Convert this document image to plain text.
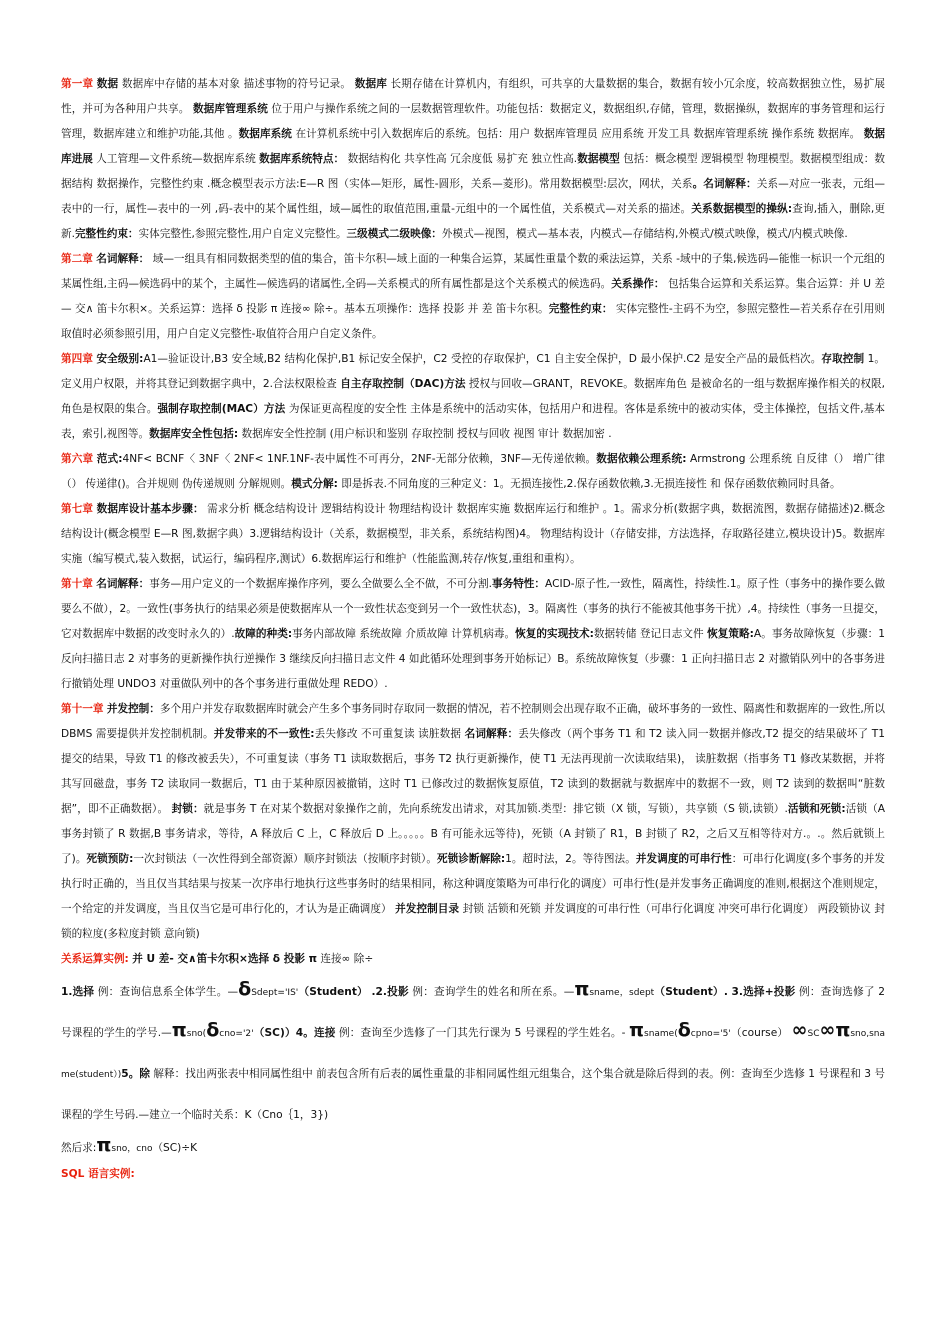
第一章 数据 数据库中存储的基本对象 描述事物的符号记录。 数据库 长期存储在计算机内，有组织，可共享的大量数据的集合，数据有较小冗余度，较高数据独立性，易扩展性，并可为各种用户共享。 数据库管理系统 位于用户与操作系统之间的一层数据管理软件。功能包括：数据定义，数据组织,存储，管理，数据操纵，数据库的事务管理和运行管理，数据库建立和维护功能,其他 。数据库系统 在计算机系统中引入数据库后的系统。包括：用户 数据库管理员 应用系统 开发工具 数据库管理系统 操作系统 数据库。 数据库进展 人工管理—文件系统—数据库系统 数据库系统特点： 数据结构化 共享性高 冗余度低 易扩充 独立性高.数据模型 包括：概念模型 逻辑模型 物理模型。数据模型组成：数据结构 数据操作，完整性约束 .概念模型表示方法:E—R 图（实体—矩形，属性-圆形，关系—菱形)。常用数据模型:层次，网状，关系。名词解释：关系—对应一张表，元组—表中的一行，属性—表中的一列 ,码-表中的某个属性组，域—属性的取值范围,重量-元组中的一个属性值，关系模式—对关系的描述。关系数据模型的操纵:查询,插入，删除,更新.完整性约束：实体完整性,参照完整性,用户自定义完整性。三级模式二级映像：外模式—视图，模式—基本表，内模式—存储结构,外模式/模式映像，模式/内模式映像.

第二章 名词解释： 域—一组具有相同数据类型的值的集合，笛卡尔积—域上面的一种集合运算，某属性重量个数的乘法运算，关系 -域中的子集,候选码—能惟一标识一个元组的某属性组,主码—候选码中的某个，主属性—候选码的诸属性,全码—关系模式的所有属性都是这个关系模式的候选码。关系操作： 包括集合运算和关系运算。集合运算：并 U 差— 交∧ 笛卡尔积×。关系运算：选择 δ 投影 π 连接∞ 除÷。基本五项操作：选择 投影 并 差 笛卡尔积。完整性约束： 实体完整性-主码不为空，参照完整性—若关系存在引用则取值时必须参照引用，用户自定义完整性-取值符合用户自定义条件。

第四章 安全级别:A1—验证设计,B3 安全域,B2 结构化保护,B1 标记安全保护，C2 受控的存取保护，C1 自主安全保护，D 最小保护.C2 是安全产品的最低档次。存取控制 1。定义用户权限，并将其登记到数据字典中，2.合法权限检查 自主存取控制（DAC)方法 授权与回收—GRANT，REVOKE。数据库角色 是被命名的一组与数据库操作相关的权限,角色是权限的集合。强制存取控制(MAC）方法 为保证更高程度的安全性 主体是系统中的活动实体，包括用户和进程。客体是系统中的被动实体，受主体操控，包括文件,基本表，索引,视图等。数据库安全性包括: 数据库安全性控制 (用户标识和鉴别 存取控制 授权与回收 视图 审计 数据加密 .

第六章 范式:4NF< BCNF〈 3NF〈 2NF< 1NF.1NF-表中属性不可再分，2NF-无部分依赖，3NF—无传递依赖。数据依赖公理系统: Armstrong 公理系统 自反律（） 增广律（） 传递律()。合并规则 伪传递规则 分解规则。模式分解: 即是拆表.不同角度的三种定义：1。无损连接性,2.保存函数依赖,3.无损连接性 和 保存函数依赖同时具备。

第七章 数据库设计基本步骤： 需求分析 概念结构设计 逻辑结构设计 物理结构设计 数据库实施 数据库运行和维护 。1。需求分析(数据字典，数据流图，数据存储描述)2.概念结构设计(概念模型 E—R 图,数据字典）3.逻辑结构设计（关系，数据模型，非关系，系统结构图)4。 物理结构设计（存储安排，方法选择，存取路径建立,模块设计)5。数据库实施（编写模式,装入数据，试运行，编码程序,测试）6.数据库运行和维护（性能监测,转存/恢复,重组和重构）。

第十章 名词解释：事务—用户定义的一个数据库操作序列，要么全做要么全不做，不可分割.事务特性：ACID-原子性,一致性，隔离性，持续性.1。原子性（事务中的操作要么做要么不做），2。一致性(事务执行的结果必须是使数据库从一个一致性状态变到另一个一致性状态)，3。隔离性（事务的执行不能被其他事务干扰）,4。持续性（事务一旦提交，它对数据库中数据的改变时永久的）.故障的种类:事务内部故障 系统故障 介质故障 计算机病毒。恢复的实现技术:数据转储 登记日志文件 恢复策略:A。事务故障恢复（步骤：1 反向扫描日志 2 对事务的更新操作执行逆操作 3 继续反向扫描日志文件 4 如此循环处理到事务开始标记）B。系统故障恢复（步骤：1 正向扫描日志 2 对撤销队列中的各事务进行撤销处理 UNDO3 对重做队列中的各个事务进行重做处理 REDO）.

第十一章 并发控制：多个用户并发存取数据库时就会产生多个事务同时存取同一数据的情况，若不控制则会出现存取不正确，破坏事务的一致性、隔离性和数据库的一致性,所以 DBMS 需要提供并发控制机制。并发带来的不一致性:丢失修改 不可重复读 读脏数据 名词解释：丢失修改（两个事务 T1 和 T2 读入同一数据并修改,T2 提交的结果破坏了 T1 提交的结果，导致 T1 的修改被丢失），不可重复读（事务 T1 读取数据后，事务 T2 执行更新操作，使 T1 无法再现前一次读取结果)， 读脏数据（指事务 T1 修改某数据，并将其写回磁盘，事务 T2 读取同一数据后，T1 由于某种原因被撤销，这时 T1 已修改过的数据恢复原值，T2 读到的数据就与数据库中的数据不一致，则 T2 读到的数据叫“脏数据”，即不正确数据）。 封锁：就是事务 T 在对某个数据对象操作之前，先向系统发出请求，对其加锁.类型：排它锁（X 锁，写锁），共享锁（S 锁,读锁）.活锁和死锁:活锁（A 事务封锁了 R 数据,B 事务请求，等待，A 释放后 C 上，C 释放后 D 上。。。。。B 有可能永远等待)，死锁（A 封锁了 R1，B 封锁了 R2，之后又互相等待对方.。.。然后就锁上了)。死锁预防:一次封锁法（一次性得到全部资源）顺序封锁法（按顺序封锁）。死锁诊断解除:1。超时法，2。等待图法。并发调度的可串行性：可串行化调度(多个事务的并发执行时正确的，当且仅当其结果与按某一次序串行地执行这些事务时的结果相同，称这种调度策略为可串行化的调度）可串行性(是并发事务正确调度的准则,根据这个准则规定，一个给定的并发调度，当且仅当它是可串行化的，才认为是正确调度） 并发控制目录 封锁 活锁和死锁 并发调度的可串行性（可串行化调度 冲突可串行化调度） 两段锁协议 封锁的粒度(多粒度封锁 意向锁)

关系运算实例: 并 U 差- 交∧笛卡尔积×选择 δ 投影 π 连接∞ 除÷

1.选择 例：查询信息系全体学生。—δSdept='IS'（Student） .2.投影 例：查询学生的姓名和所在系。—πsname，sdept（Student）. 3.选择+投影 例：查询选修了 2 号课程的学生的学号.—πsno(δcno='2'（SC)）4。连接 例：查询至少选修了一门其先行课为 5 号课程的学生姓名。- πsname(δcpno='5'（course） ∞SC∞πsno,sname(student）)5。除 解释：找出两张表中相同属性组中 前表包含所有后表的属性重量的非相同属性组元组集合，这个集合就是除后得到的表。例：查询至少选修 1 号课程和 3 号课程的学生号码.—建立一个临时关系：K（Cno｛1，3})

然后求:πsno，cno（SC)÷K

SQL 语言实例:
